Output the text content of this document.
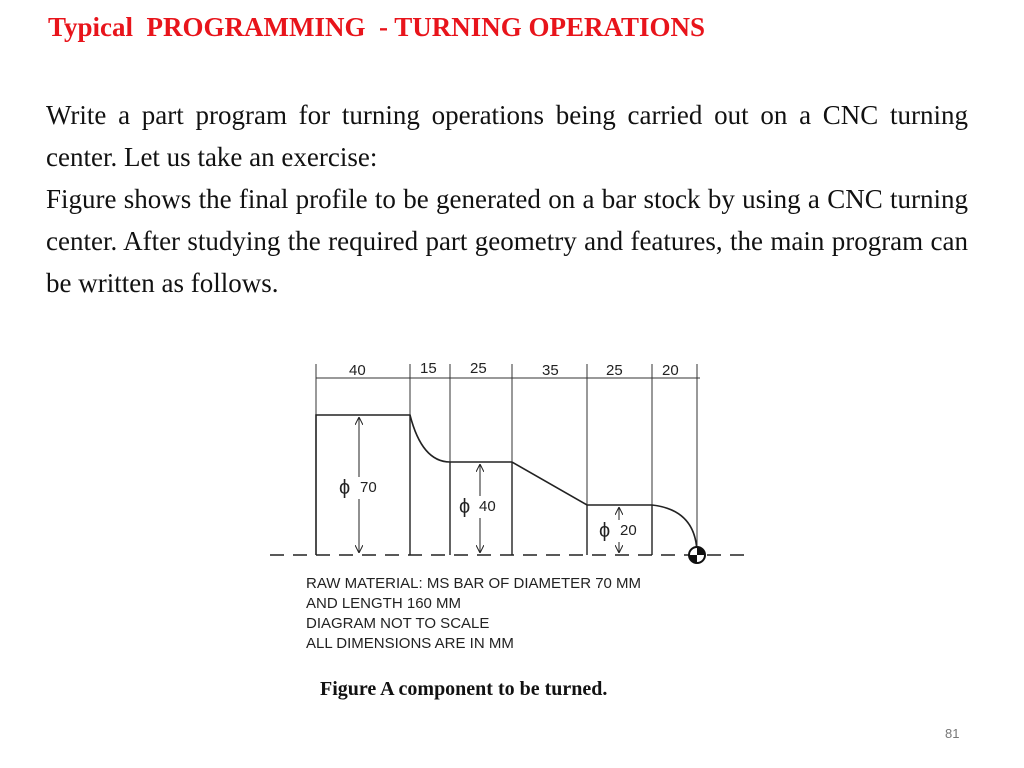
Typical  PROGRAMMING  - TURNING OPERATIONS

Write a part program for turning operations being carried out on a CNC turning center. Let us take an exercise:

Figure shows the final profile to be generated on a bar stock by using a CNC turning center. After studying the required part geometry and features, the main program can be written as follows.

40	15 25	35	25	20
ϕ 70
ϕ 40
ϕ 20
RAW MATERIAL: MS BAR OF DIAMETER 70 MM
AND LENGTH 160 MM
DIAGRAM NOT TO SCALE
ALL DIMENSIONS ARE IN MM
Figure A component to be turned.
81
